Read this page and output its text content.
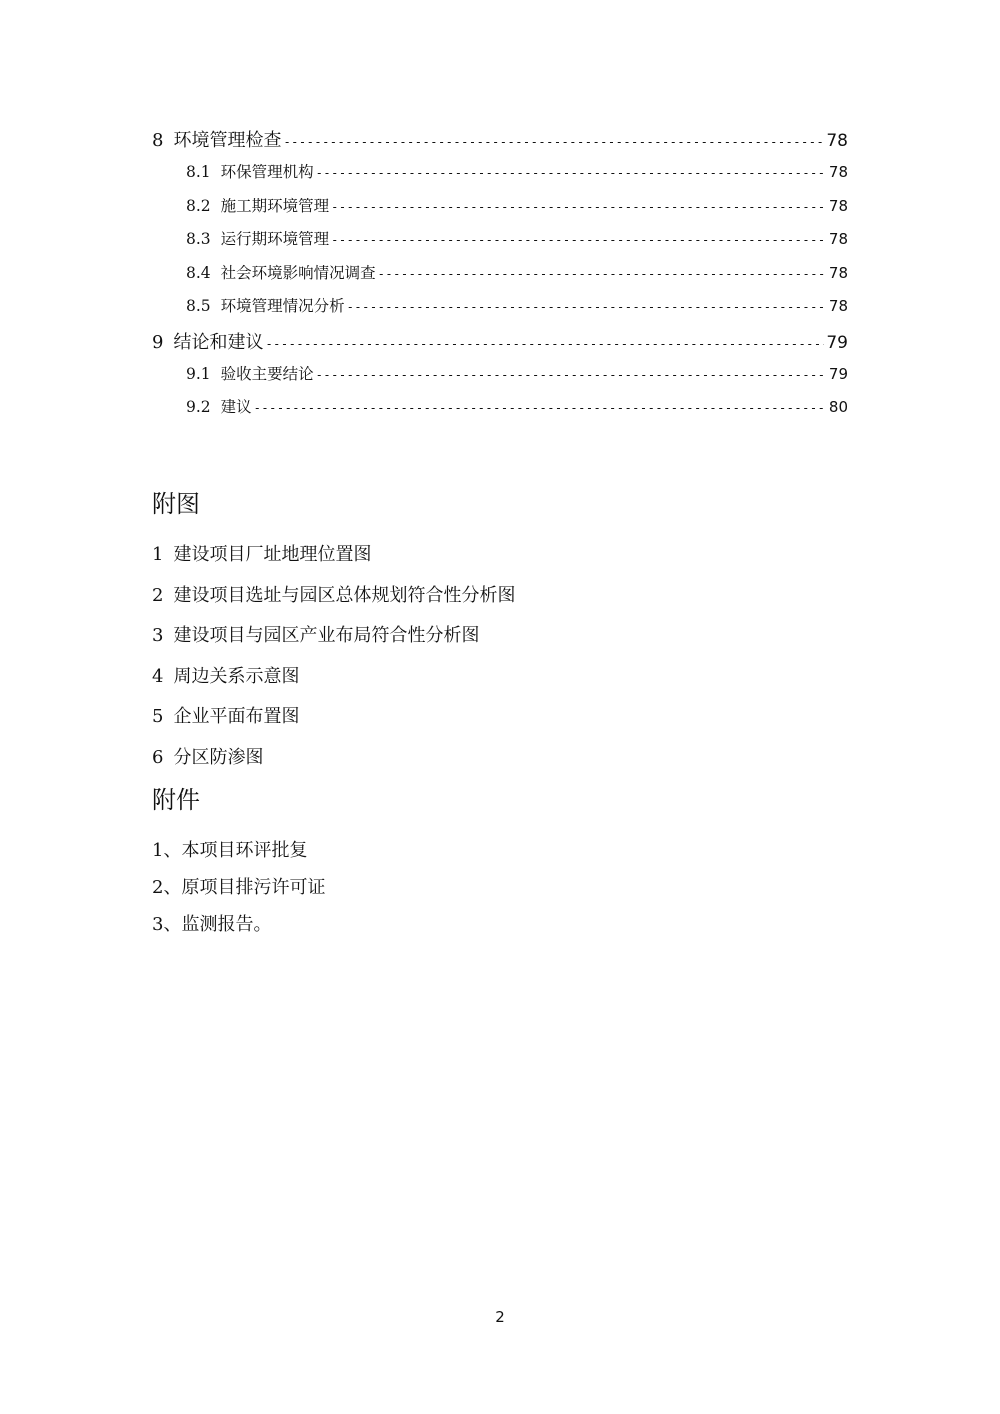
8 环境管理检查 -----	78
8.1 环保管理机构 -----	78
8.2 施工期环境管理 -----	78
8.3 运行期环境管理 -----	78
8.4 社会环境影响情况调查 -----	78
8.5 环境管理情况分析 -----	78
9 结论和建议 -----	79
9.1 验收主要结论 -----	79
9.2 建议 -----	80
附图
1 建设项目厂址地理位置图
2 建设项目选址与园区总体规划符合性分析图
3 建设项目与园区产业布局符合性分析图
4 周边关系示意图
5 企业平面布置图
6 分区防渗图
附件
1、本项目环评批复
2、原项目排污许可证
3、监测报告。
2
